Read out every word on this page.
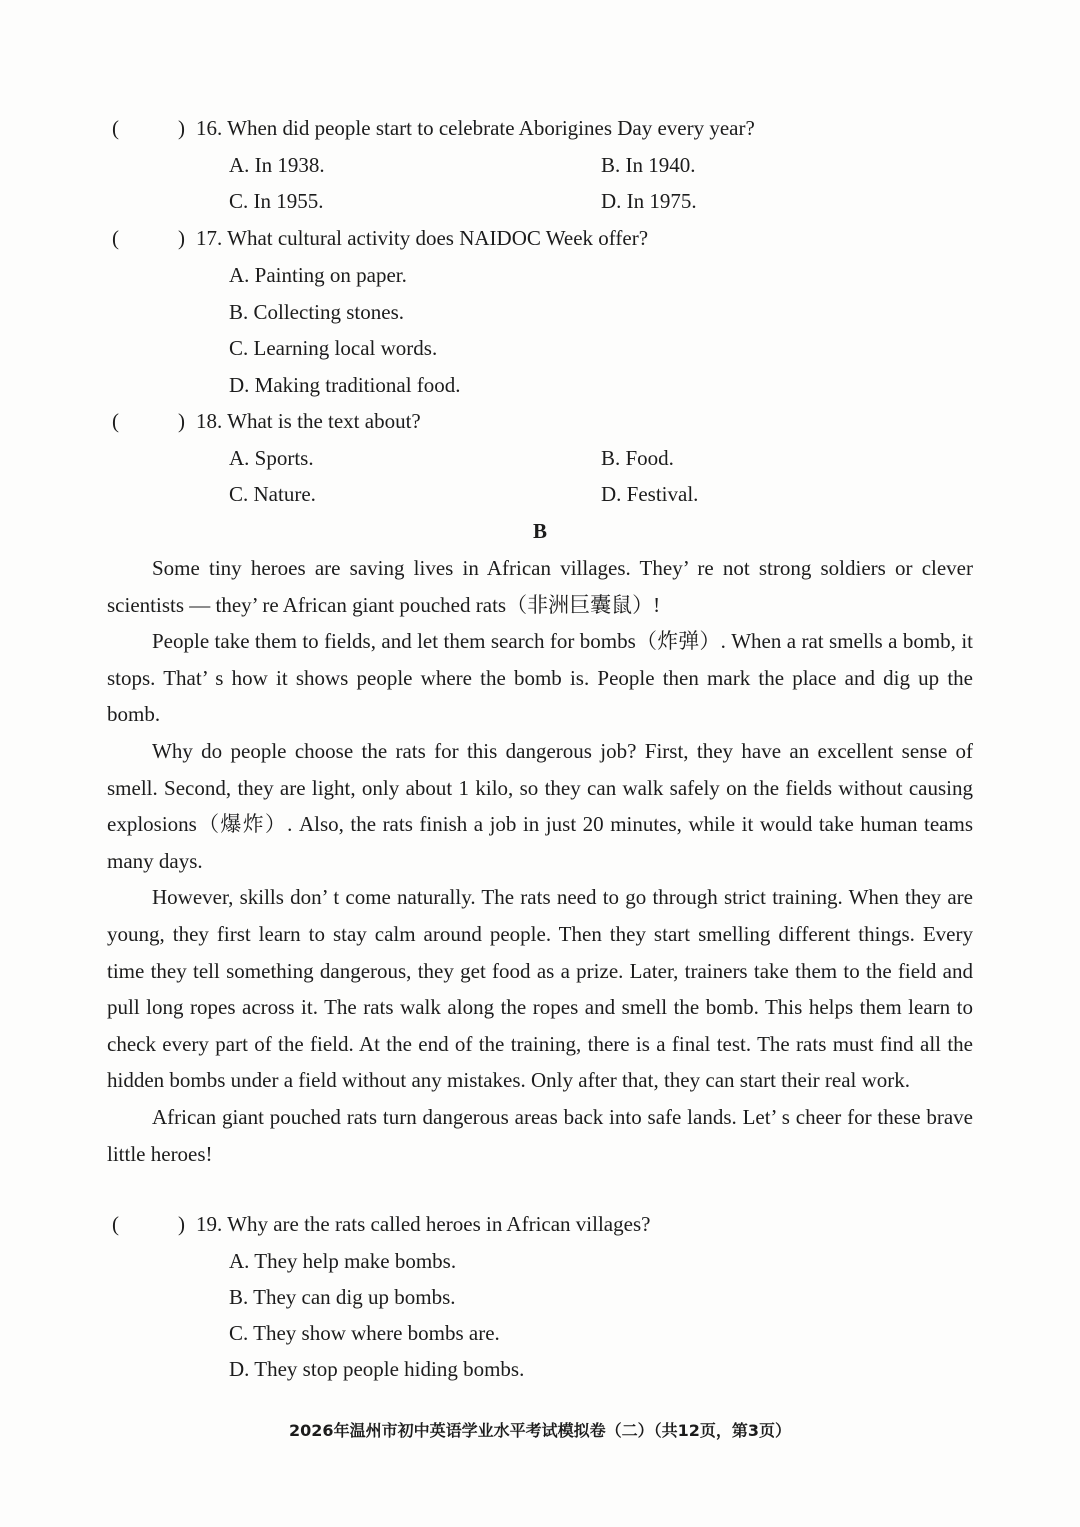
(	) 16. When did people start to celebrate Aborigines Day every year?
A. In 1938.	B. In 1940.
C. In 1955.	D. In 1975.
(	) 17. What cultural activity does NAIDOC Week offer?
A. Painting on paper.
B. Collecting stones.
C. Learning local words.
D. Making traditional food.
(	) 18. What is the text about?
A. Sports.	B. Food.
C. Nature.	D. Festival.
B

Some tiny heroes are saving lives in African villages. They’ re not strong soldiers or clever scientists — they’ re African giant pouched rats（非洲巨囊鼠）!

People take them to fields, and let them search for bombs（炸弹）. When a rat smells a bomb, it stops. That’ s how it shows people where the bomb is. People then mark the place and dig up the bomb.

Why do people choose the rats for this dangerous job? First, they have an excellent sense of smell. Second, they are light, only about 1 kilo, so they can walk safely on the fields without causing explosions（爆炸）. Also, the rats finish a job in just 20 minutes, while it would take human teams many days.

However, skills don’ t come naturally. The rats need to go through strict training. When they are young, they first learn to stay calm around people. Then they start smelling different things. Every time they tell something dangerous, they get food as a prize. Later, trainers take them to the field and pull long ropes across it. The rats walk along the ropes and smell the bomb. This helps them learn to check every part of the field. At the end of the training, there is a final test. The rats must find all the hidden bombs under a field without any mistakes. Only after that, they can start their real work.

African giant pouched rats turn dangerous areas back into safe lands. Let’ s cheer for these brave little heroes!

(	) 19. Why are the rats called heroes in African villages?
A. They help make bombs.
B. They can dig up bombs.
C. They show where bombs are.
D. They stop people hiding bombs.
2026年温州市初中英语学业水平考试模拟卷（二）（共12页，第3页）
